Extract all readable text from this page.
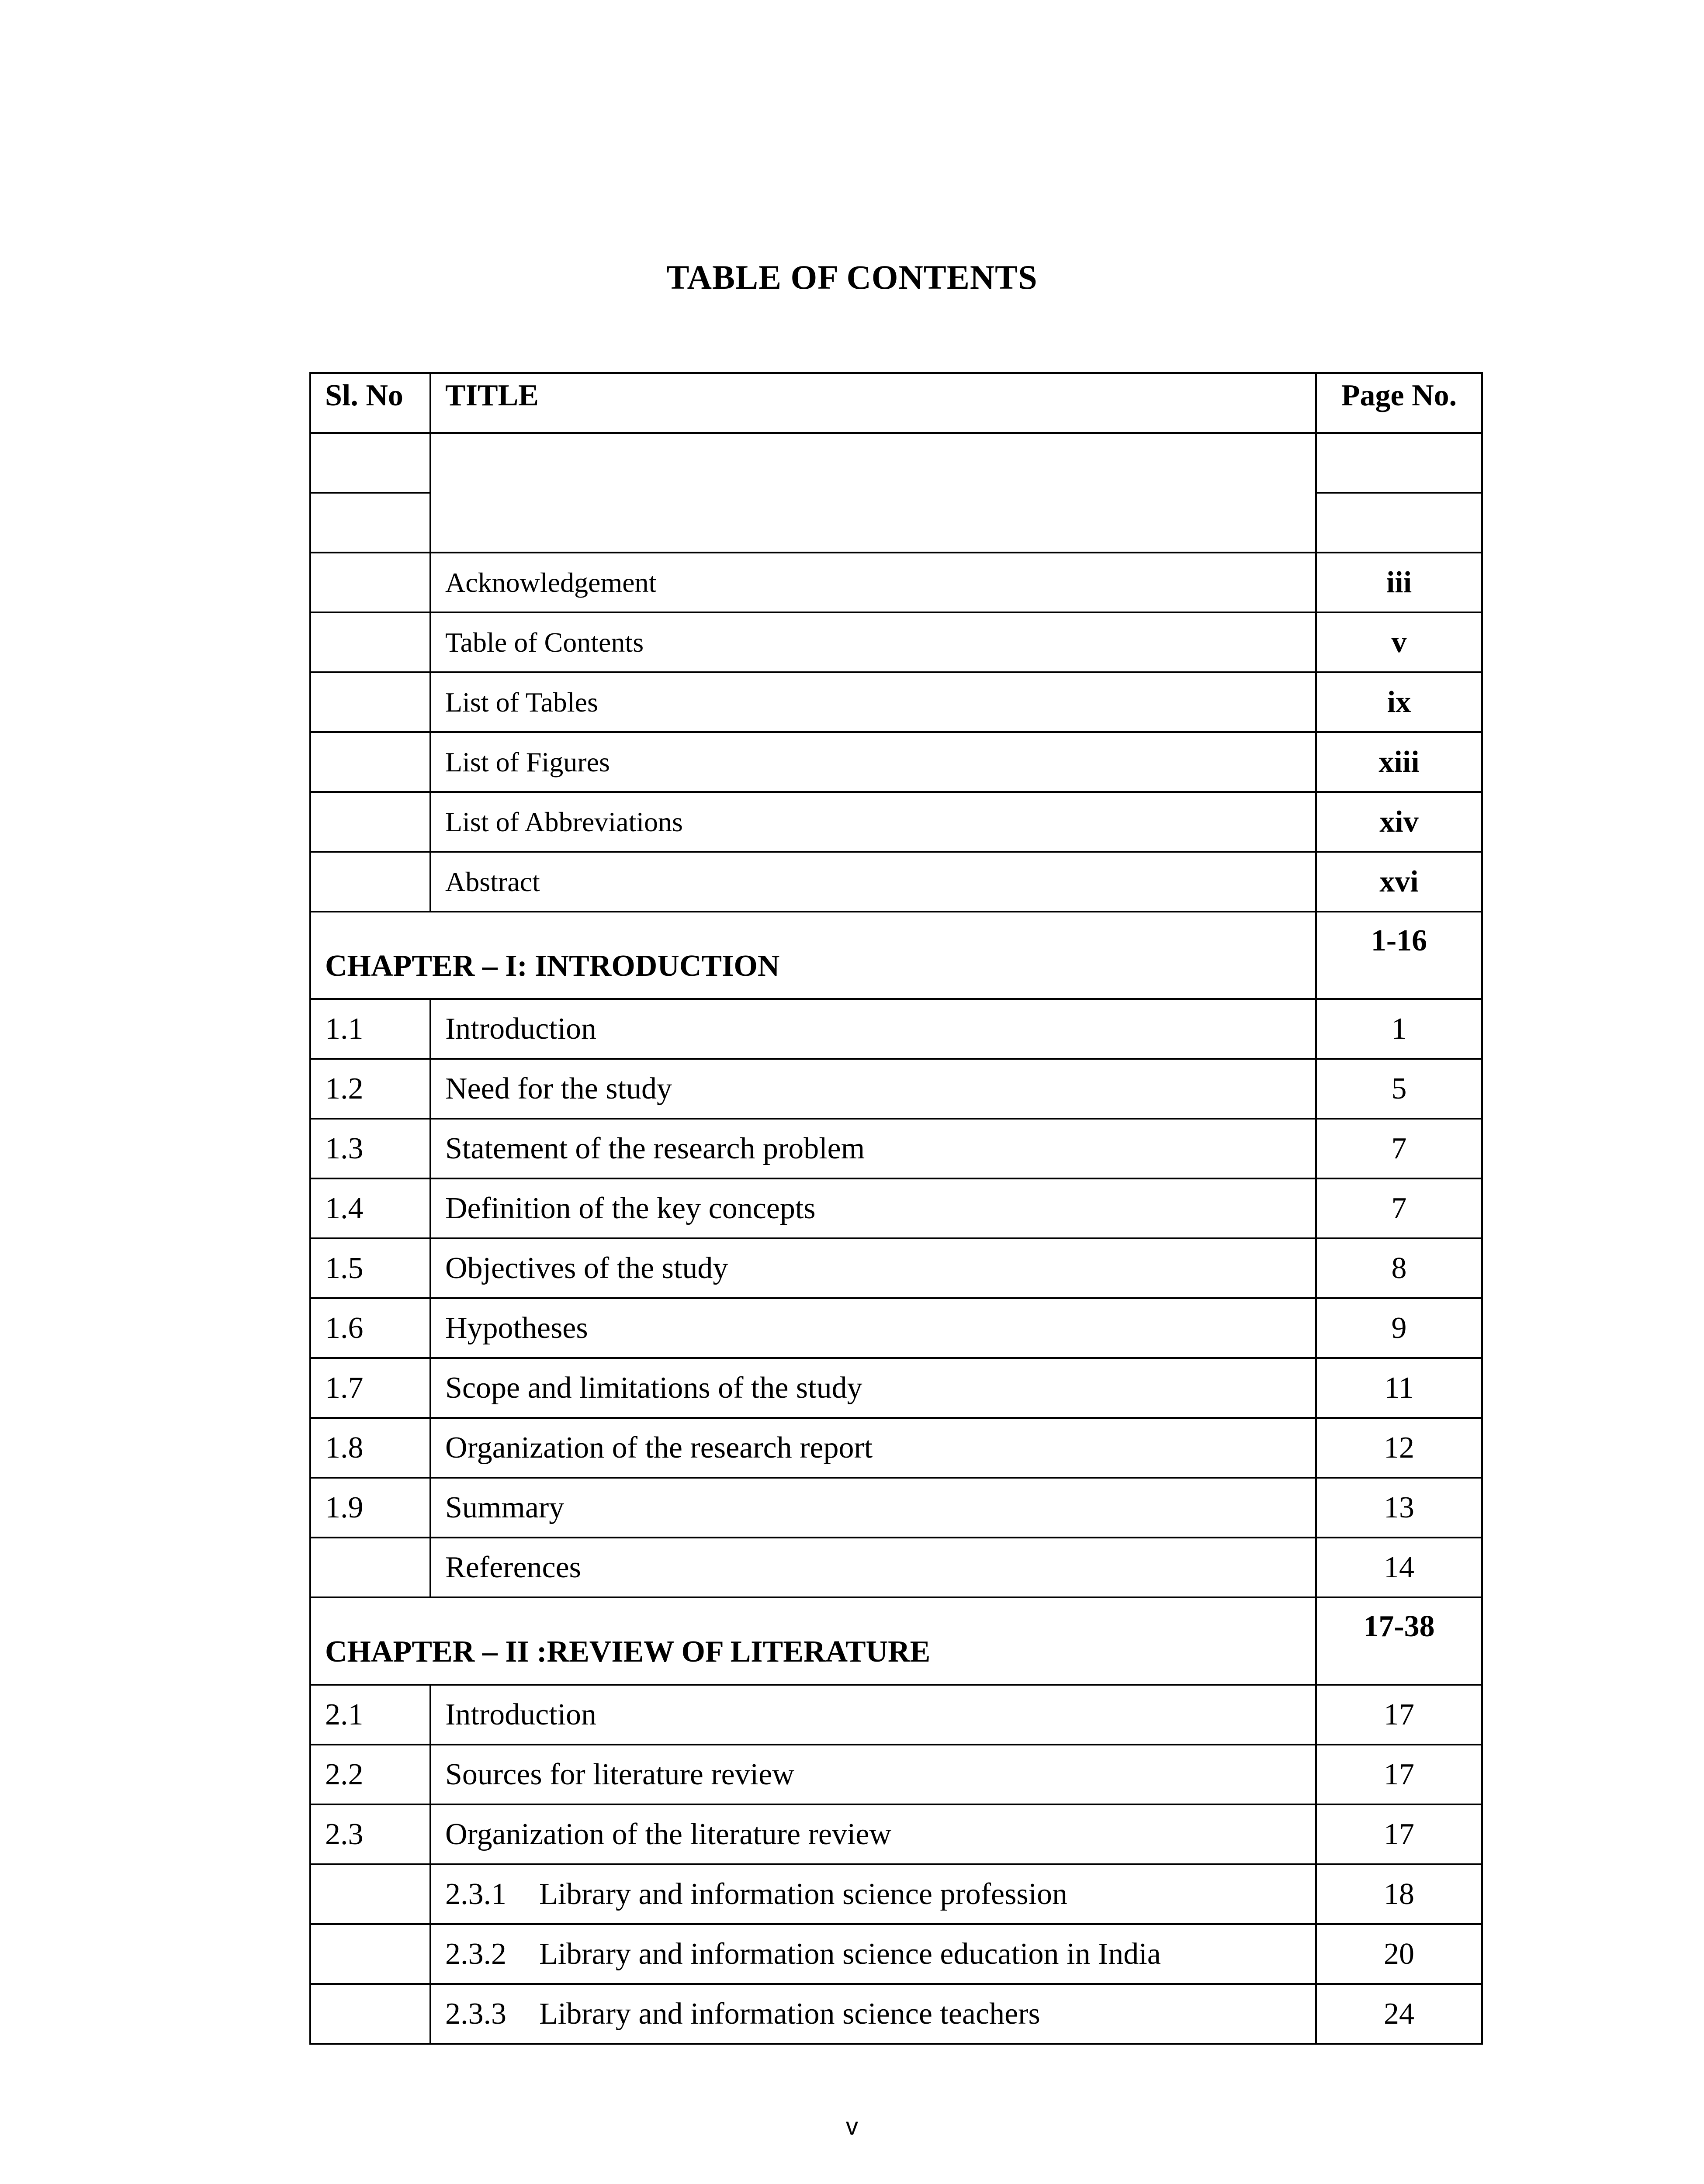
TABLE OF CONTENTS
Sl. No	TITLE	Page No.

	Acknowledgement	iii
	Table of Contents	v
	List of Tables	ix
	List of Figures	xiii
	List of Abbreviations	xiv
	Abstract	xvi
CHAPTER – I: INTRODUCTION		1-16
1.1	Introduction	1
1.2	Need for the study	5
1.3	Statement of the research problem	7
1.4	Definition of the key concepts	7
1.5	Objectives of the study	8
1.6	Hypotheses	9
1.7	Scope and limitations of the study	11
1.8	Organization of the research report	12
1.9	Summary	13
	References	14
CHAPTER – II :REVIEW OF LITERATURE		17-38
2.1	Introduction	17
2.2	Sources for literature review	17
2.3	Organization of the literature review	17
	2.3.1 Library and information science profession	18
	2.3.2 Library and information science education in India	20
	2.3.3 Library and information science teachers	24
v
